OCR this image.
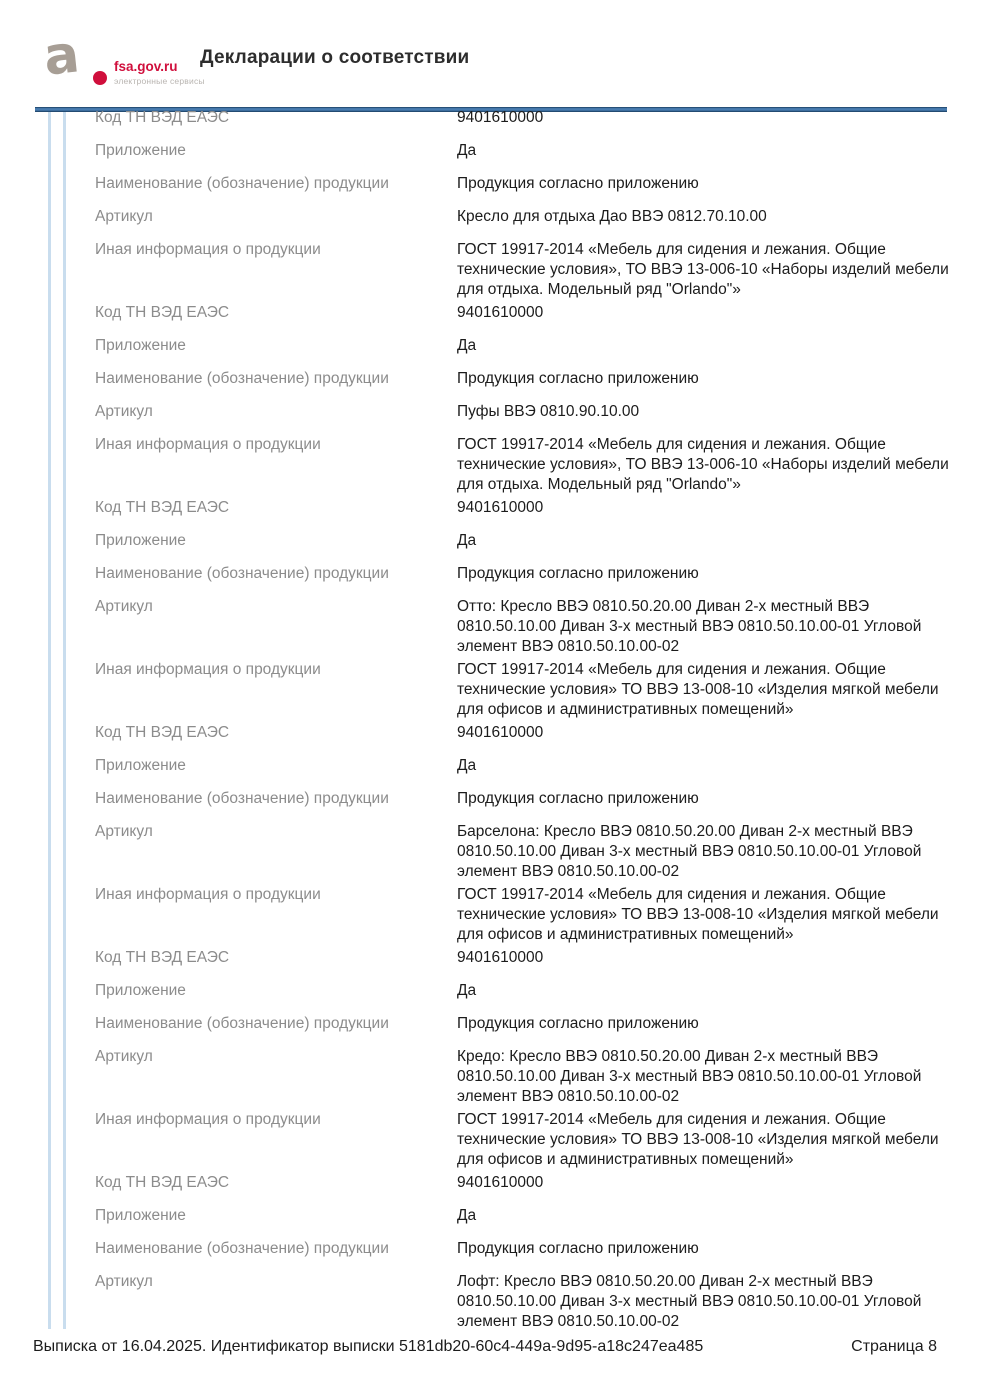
a fsa.gov.ru
электронные сервисы
Декларации о соответствии
Код ТН ВЭД ЕАЭС	9401610000
Приложение	Да
Наименование (обозначение) продукции	Продукция согласно приложению
Артикул	Кресло для отдыха Дао ВВЭ 0812.70.10.00
Иная информация о продукции	ГОСТ 19917-2014 «Мебель для сидения и лежания. Общие технические условия», ТО ВВЭ 13-006-10 «Наборы изделий мебели для отдыха. Модельный ряд "Orlando"»
Код ТН ВЭД ЕАЭС	9401610000
Приложение	Да
Наименование (обозначение) продукции	Продукция согласно приложению
Артикул	Пуфы ВВЭ 0810.90.10.00
Иная информация о продукции	ГОСТ 19917-2014 «Мебель для сидения и лежания. Общие технические условия», ТО ВВЭ 13-006-10 «Наборы изделий мебели для отдыха. Модельный ряд "Orlando"»
Код ТН ВЭД ЕАЭС	9401610000
Приложение	Да
Наименование (обозначение) продукции	Продукция согласно приложению
Артикул	Отто: Кресло ВВЭ 0810.50.20.00 Диван 2-х местный ВВЭ 0810.50.10.00 Диван 3-х местный ВВЭ 0810.50.10.00-01 Угловой элемент ВВЭ 0810.50.10.00-02
Иная информация о продукции	ГОСТ 19917-2014 «Мебель для сидения и лежания. Общие технические условия» ТО ВВЭ 13-008-10 «Изделия мягкой мебели для офисов и административных помещений»
Код ТН ВЭД ЕАЭС	9401610000
Приложение	Да
Наименование (обозначение) продукции	Продукция согласно приложению
Артикул	Барселона: Кресло ВВЭ 0810.50.20.00 Диван 2-х местный ВВЭ 0810.50.10.00 Диван 3-х местный ВВЭ 0810.50.10.00-01 Угловой элемент ВВЭ 0810.50.10.00-02
Иная информация о продукции	ГОСТ 19917-2014 «Мебель для сидения и лежания. Общие технические условия» ТО ВВЭ 13-008-10 «Изделия мягкой мебели для офисов и административных помещений»
Код ТН ВЭД ЕАЭС	9401610000
Приложение	Да
Наименование (обозначение) продукции	Продукция согласно приложению
Артикул	Кредо: Кресло ВВЭ 0810.50.20.00 Диван 2-х местный ВВЭ 0810.50.10.00 Диван 3-х местный ВВЭ 0810.50.10.00-01 Угловой элемент ВВЭ 0810.50.10.00-02
Иная информация о продукции	ГОСТ 19917-2014 «Мебель для сидения и лежания. Общие технические условия» ТО ВВЭ 13-008-10 «Изделия мягкой мебели для офисов и административных помещений»
Код ТН ВЭД ЕАЭС	9401610000
Приложение	Да
Наименование (обозначение) продукции	Продукция согласно приложению
Артикул	Лофт: Кресло ВВЭ 0810.50.20.00 Диван 2-х местный ВВЭ 0810.50.10.00 Диван 3-х местный ВВЭ 0810.50.10.00-01 Угловой элемент ВВЭ 0810.50.10.00-02
Выписка от 16.04.2025. Идентификатор выписки 5181db20-60c4-449a-9d95-a18c247ea485	Страница 8
